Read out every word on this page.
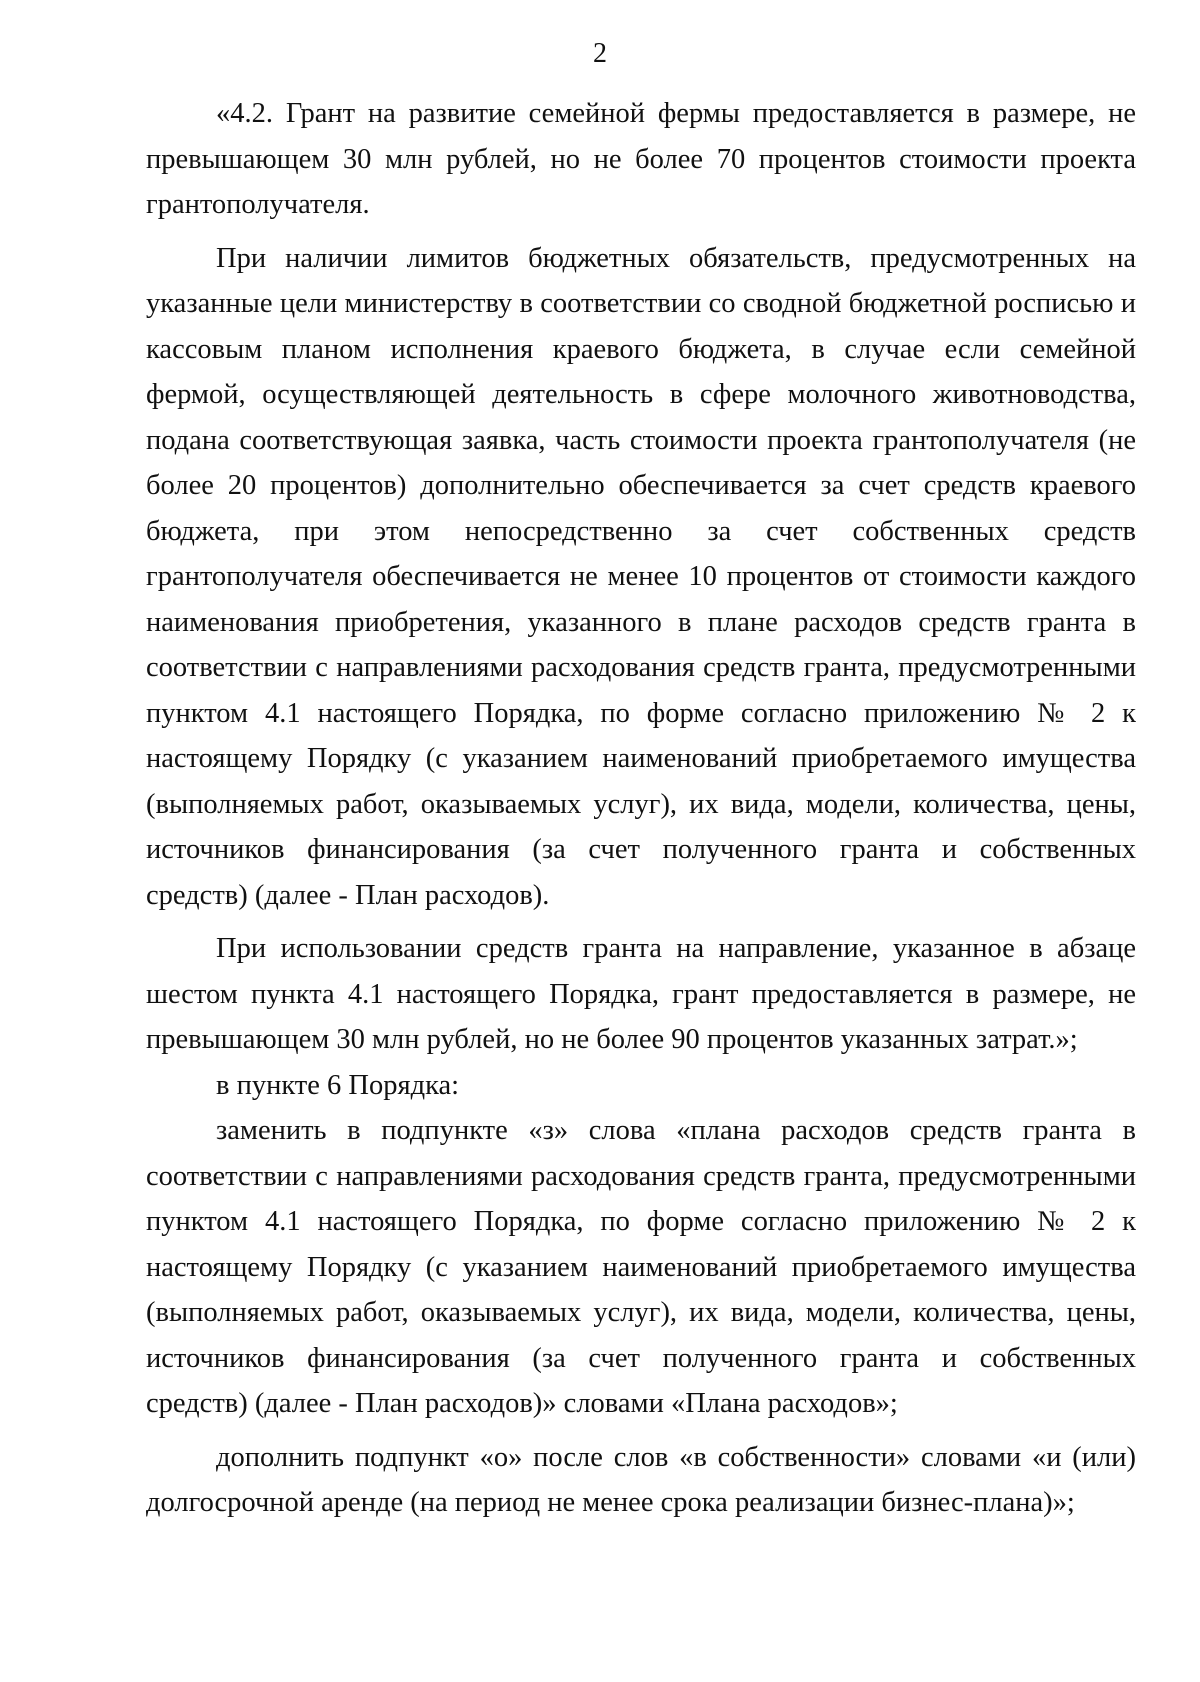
2

«4.2. Грант на развитие семейной фермы предоставляется в размере, не превышающем 30 млн рублей, но не более 70 процентов стоимости проекта грантополучателя.

При наличии лимитов бюджетных обязательств, предусмотренных на указанные цели министерству в соответствии со сводной бюджетной росписью и кассовым планом исполнения краевого бюджета, в случае если семейной фермой, осуществляющей деятельность в сфере молочного животноводства, подана соответствующая заявка, часть стоимости проекта грантополучателя (не более 20 процентов) дополнительно обеспечивается за счет средств краевого бюджета, при этом непосредственно за счет собственных средств грантополучателя обеспечивается не менее 10 процентов от стоимости каждого наименования приобретения, указанного в плане расходов средств гранта в соответствии с направлениями расходования средств гранта, предусмотренными пунктом 4.1 настоящего Порядка, по форме согласно приложению № 2 к настоящему Порядку (с указанием наименований приобретаемого имущества (выполняемых работ, оказываемых услуг), их вида, модели, количества, цены, источников финансирования (за счет полученного гранта и собственных средств) (далее - План расходов).

При использовании средств гранта на направление, указанное в абзаце шестом пункта 4.1 настоящего Порядка, грант предоставляется в размере, не превышающем 30 млн рублей, но не более 90 процентов указанных затрат.»;

в пункте 6 Порядка:

заменить в подпункте «з» слова «плана расходов средств гранта в соответствии с направлениями расходования средств гранта, предусмотренными пунктом 4.1 настоящего Порядка, по форме согласно приложению № 2 к настоящему Порядку (с указанием наименований приобретаемого имущества (выполняемых работ, оказываемых услуг), их вида, модели, количества, цены, источников финансирования (за счет полученного гранта и собственных средств) (далее - План расходов)» словами «Плана расходов»;

дополнить подпункт «о» после слов «в собственности» словами «и (или) долгосрочной аренде (на период не менее срока реализации бизнес-плана)»;
